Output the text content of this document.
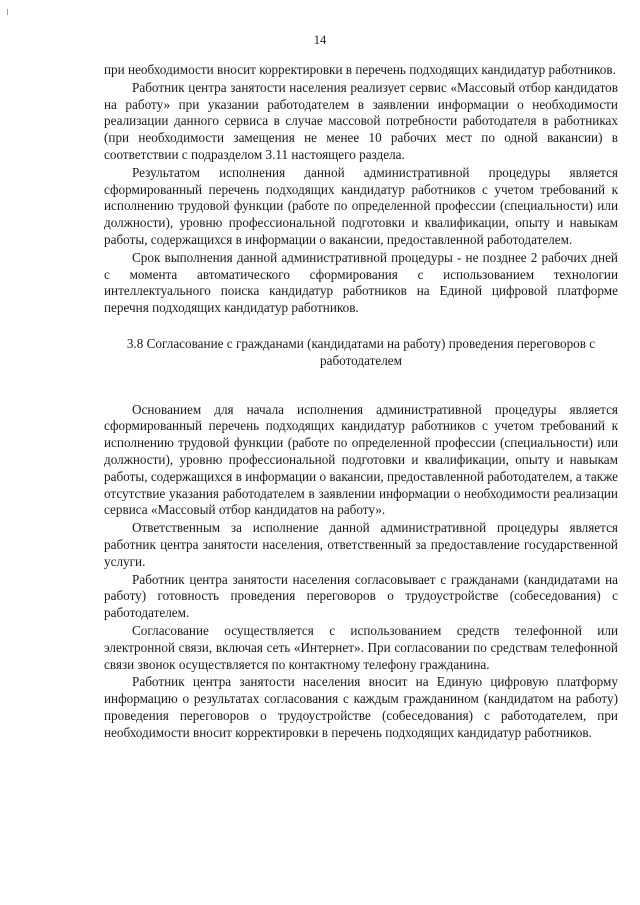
14

при необходимости вносит корректировки в перечень подходящих кандидатур работников.

Работник центра занятости населения реализует сервис «Массовый отбор кандидатов на работу» при указании работодателем в заявлении информации о необходимости реализации данного сервиса в случае массовой потребности работодателя в работниках (при необходимости замещения не менее 10 рабочих мест по одной вакансии) в соответствии с подразделом 3.11 настоящего раздела.

Результатом исполнения данной административной процедуры является сформированный перечень подходящих кандидатур работников с учетом требований к исполнению трудовой функции (работе по определенной профессии (специальности) или должности), уровню профессиональной подготовки и квалификации, опыту и навыкам работы, содержащихся в информации о вакансии, предоставленной работодателем.

Срок выполнения данной административной процедуры - не позднее 2 рабочих дней с момента автоматического сформирования с использованием технологии интеллектуального поиска кандидатур работников на Единой цифровой платформе перечня подходящих кандидатур работников.

3.8 Согласование с гражданами (кандидатами на работу) проведения переговоров с работодателем

Основанием для начала исполнения административной процедуры является сформированный перечень подходящих кандидатур работников с учетом требований к исполнению трудовой функции (работе по определенной профессии (специальности) или должности), уровню профессиональной подготовки и квалификации, опыту и навыкам работы, содержащихся в информации о вакансии, предоставленной работодателем, а также отсутствие указания работодателем в заявлении информации о необходимости реализации сервиса «Массовый отбор кандидатов на работу».

Ответственным за исполнение данной административной процедуры является работник центра занятости населения, ответственный за предоставление государственной услуги.

Работник центра занятости населения согласовывает с гражданами (кандидатами на работу) готовность проведения переговоров о трудоустройстве (собеседования) с работодателем.

Согласование осуществляется с использованием средств телефонной или электронной связи, включая сеть «Интернет». При согласовании по средствам телефонной связи звонок осуществляется по контактному телефону гражданина.

Работник центра занятости населения вносит на Единую цифровую платформу информацию о результатах согласования с каждым гражданином (кандидатом на работу) проведения переговоров о трудоустройстве (собеседования) с работодателем, при необходимости вносит корректировки в перечень подходящих кандидатур работников.
